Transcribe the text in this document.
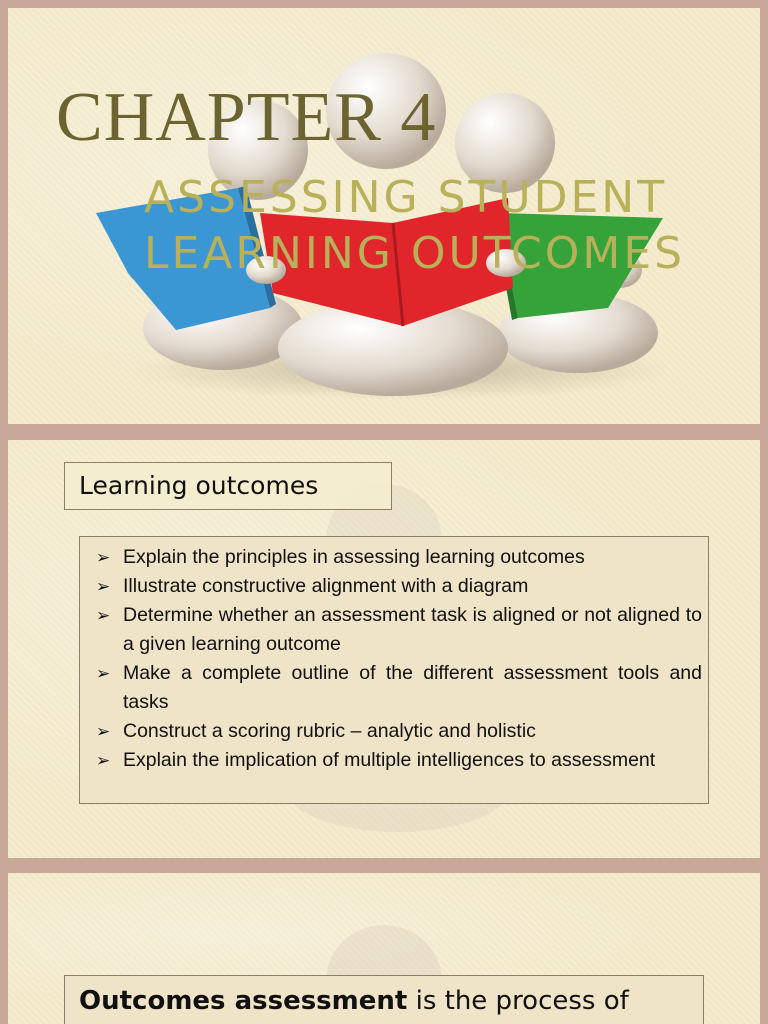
CHAPTER 4
ASSESSING STUDENT LEARNING OUTCOMES
Learning outcomes
➢ Explain the principles in assessing learning outcomes
➢ Illustrate constructive alignment with a diagram
➢ Determine whether an assessment task is aligned or not aligned to a given learning outcome
➢ Make a complete outline of the different assessment tools and tasks
➢ Construct a scoring rubric – analytic and holistic
➢ Explain the implication of multiple intelligences to assessment
Outcomes assessment is the process of
